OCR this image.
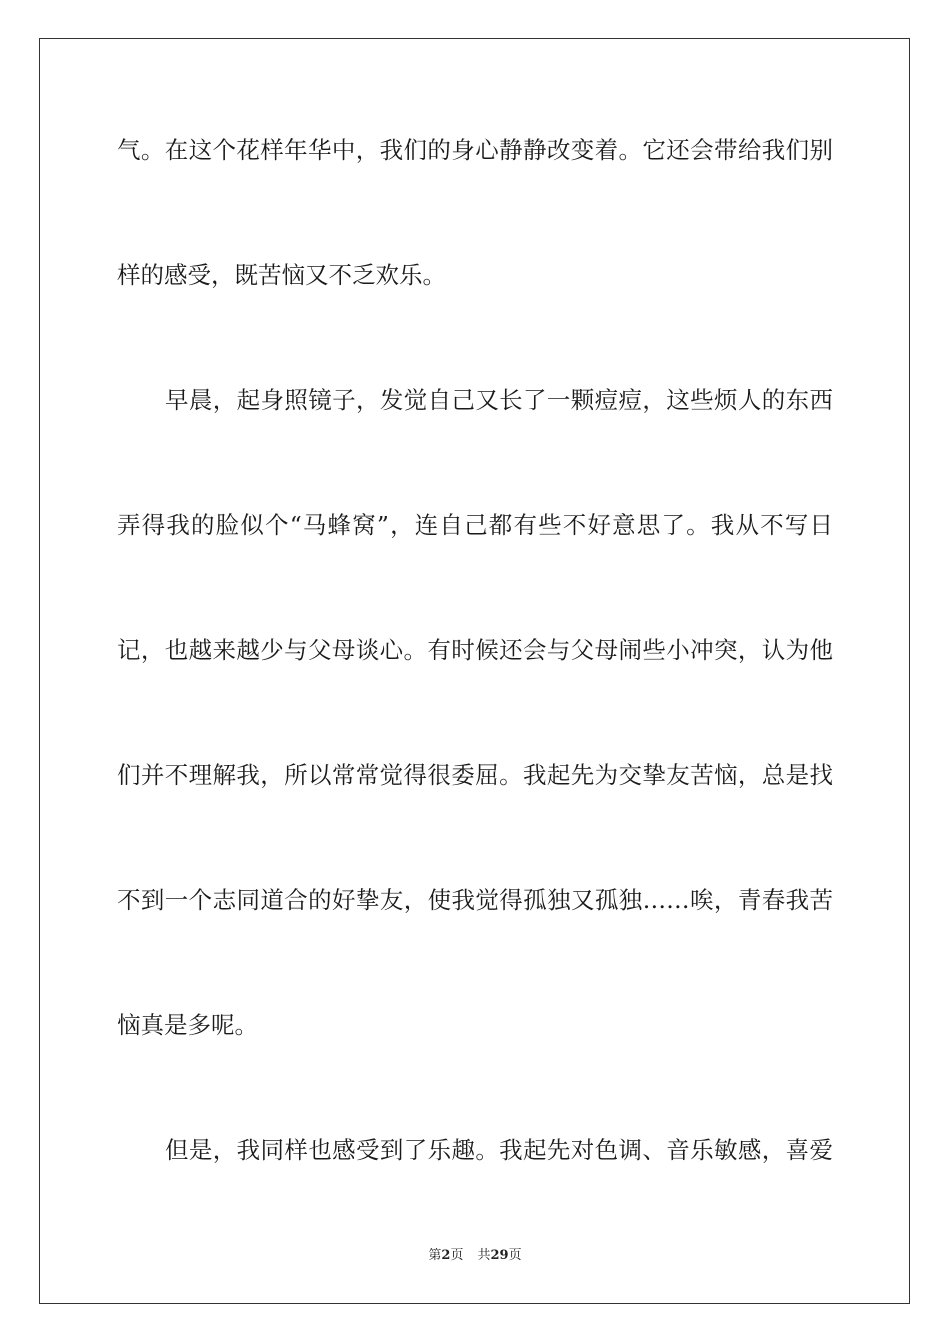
气。在这个花样年华中，我们的身心静静改变着。它还会带给我们别
样的感受，既苦恼又不乏欢乐。
早晨，起身照镜子，发觉自己又长了一颗痘痘，这些烦人的东西
弄得我的脸似个“马蜂窝”，连自己都有些不好意思了。我从不写日
记，也越来越少与父母谈心。有时候还会与父母闹些小冲突，认为他
们并不理解我，所以常常觉得很委屈。我起先为交挚友苦恼，总是找
不到一个志同道合的好挚友，使我觉得孤独又孤独……唉，青春我苦
恼真是多呢。
但是，我同样也感受到了乐趣。我起先对色调、音乐敏感，喜爱
第2页 共29页
